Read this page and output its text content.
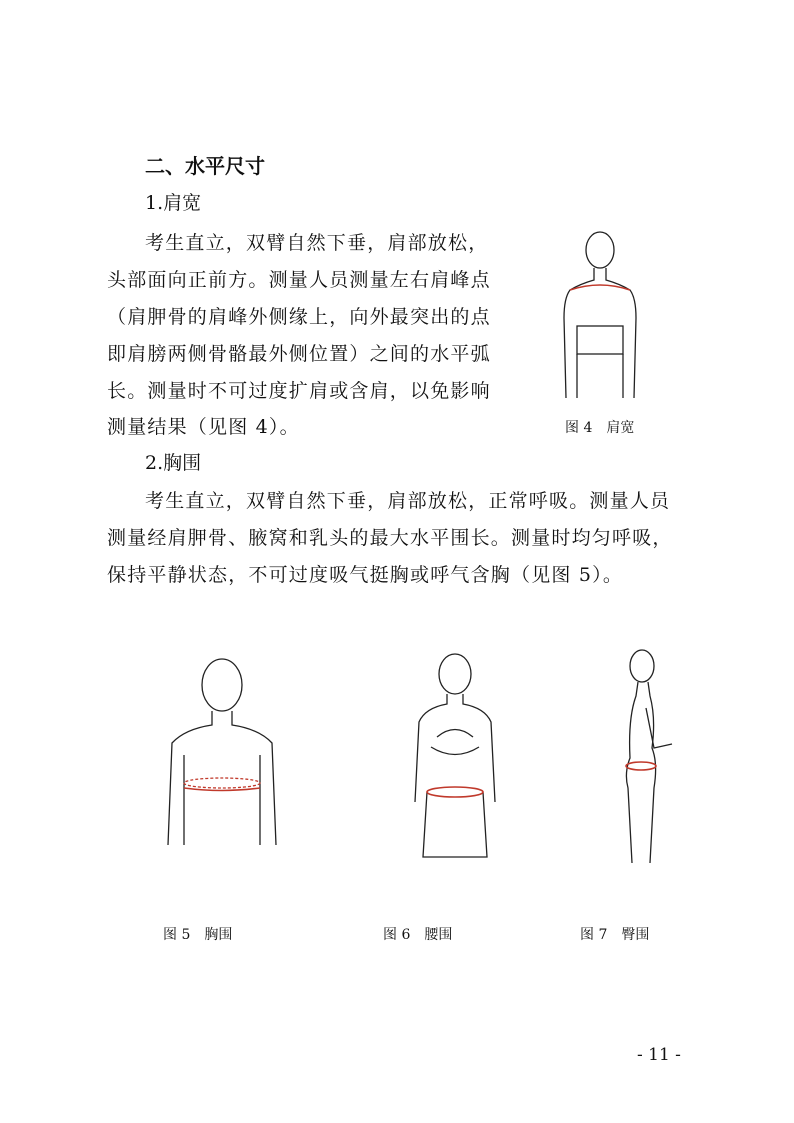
二、水平尺寸
1.肩宽
考生直立，双臂自然下垂，肩部放松，
头部面向正前方。测量人员测量左右肩峰点
（肩胛骨的肩峰外侧缘上，向外最突出的点
即肩膀两侧骨骼最外侧位置）之间的水平弧
长。测量时不可过度扩肩或含肩，以免影响
测量结果（见图 4）。	图 4　肩宽
2.胸围
考生直立，双臂自然下垂，肩部放松，正常呼吸。测量人员
测量经肩胛骨、腋窝和乳头的最大水平围长。测量时均匀呼吸，
保持平静状态，不可过度吸气挺胸或呼气含胸（见图 5）。
图 5　胸围	图 6　腰围	图 7　臀围
- 11 -
